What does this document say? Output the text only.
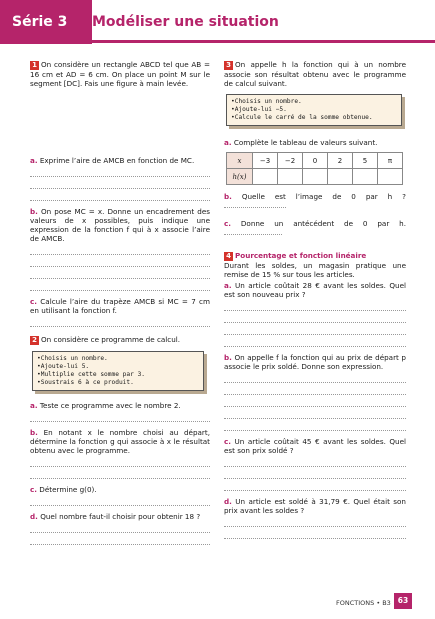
Série 3 Modéliser une situation

1 On considère un rectangle ABCD tel que AB = 16 cm et AD = 6 cm. On place un point M sur le segment [DC]. Fais une figure à main levée.

a. Exprime l’aire de AMCB en fonction de MC.

b. On pose MC = x. Donne un encadrement des valeurs de x possibles, puis indique une expression de la fonction f qui à x associe l’aire de AMCB.

c. Calcule l’aire du trapèze AMCB si MC = 7 cm en utilisant la fonction f.

2 On considère ce programme de calcul.

•Choisis un nombre.
•Ajoute-lui 5.
•Multiplie cette somme par 3.
•Soustrais 6 à ce produit.

a. Teste ce programme avec le nombre 2.

b. En notant x le nombre choisi au départ, détermine la fonction g qui associe à x le résultat obtenu avec le programme.

c. Détermine g(0).

d. Quel nombre faut-il choisir pour obtenir 18 ?

3 On appelle h la fonction qui à un nombre associe son résultat obtenu avec le programme de calcul suivant.

•Choisis un nombre.
•Ajoute-lui −5.
•Calcule le carré de la somme obtenue.

a. Complète le tableau de valeurs suivant.

x	−3	−2	0	2	5	π
h(x)						

b. Quelle est l’image de 0 par h ?

c. Donne un antécédent de 0 par h.

4 Pourcentage et fonction linéaire

Durant les soldes, un magasin pratique une remise de 15 % sur tous les articles.

a. Un article coûtait 28 € avant les soldes. Quel est son nouveau prix ?

b. On appelle f la fonction qui au prix de départ p associe le prix soldé. Donne son expression.

c. Un article coûtait 45 € avant les soldes. Quel est son prix soldé ?

d. Un article est soldé à 31,79 €. Quel était son prix avant les soldes ?

FONCTIONS • B3 63
